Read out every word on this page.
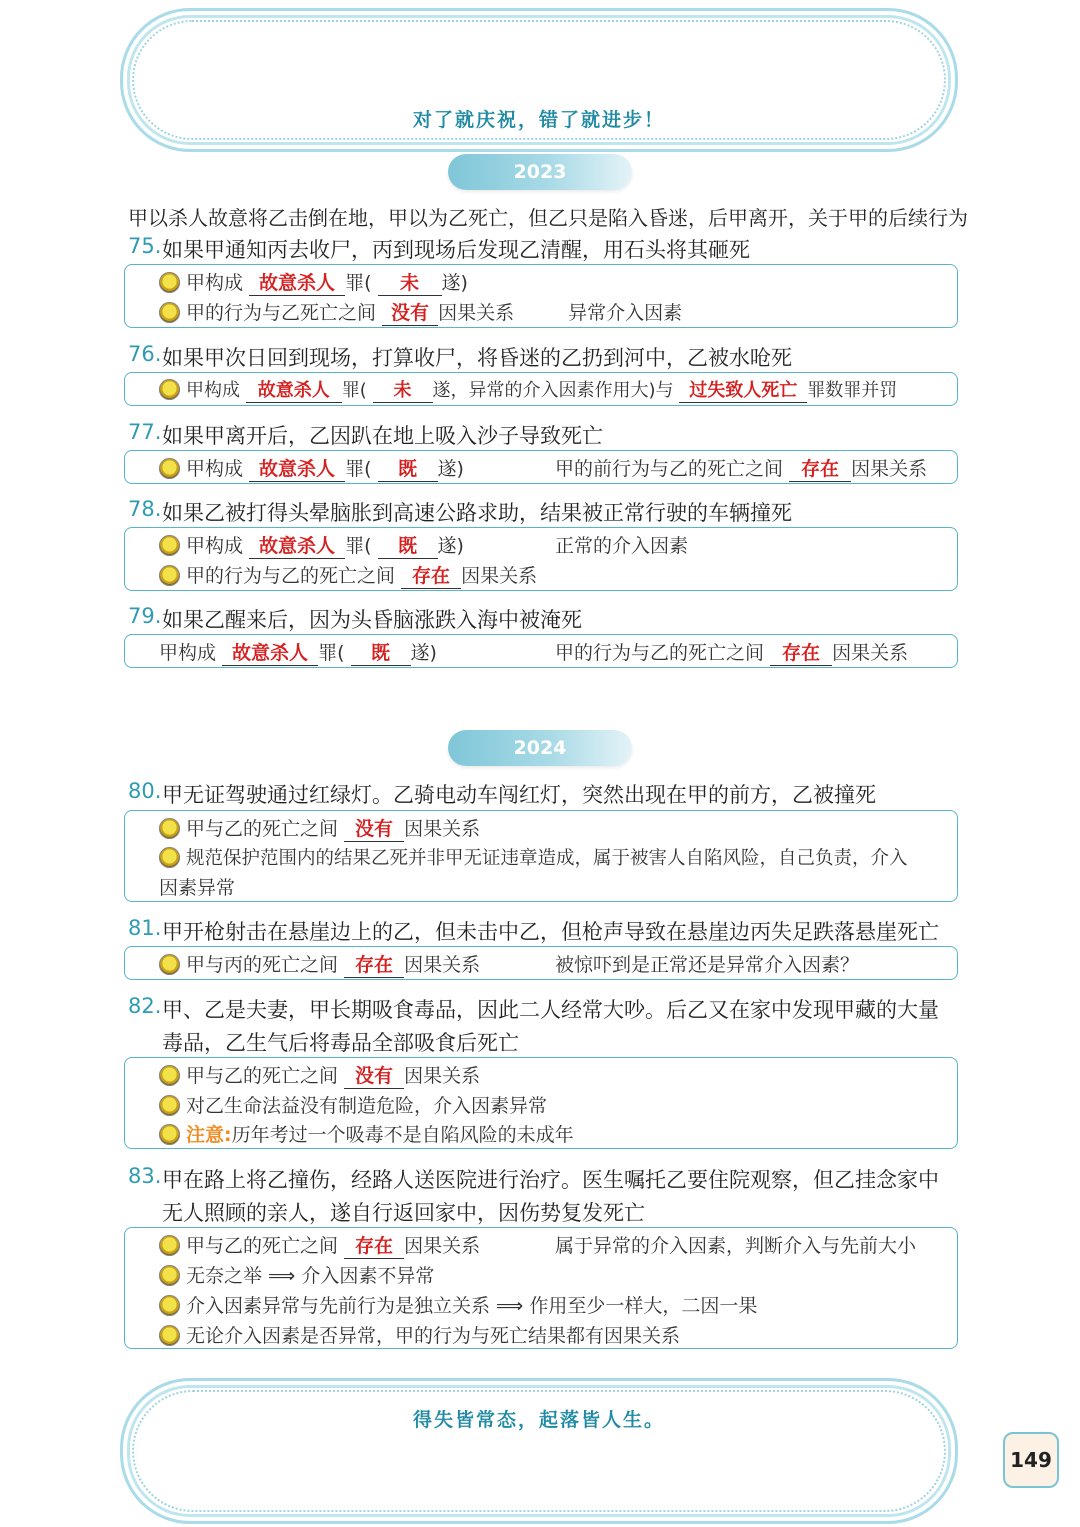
对了就庆祝，错了就进步！
2023
甲以杀人故意将乙击倒在地，甲以为乙死亡，但乙只是陷入昏迷，后甲离开，关于甲的后续行为
75. 如果甲通知丙去收尸，丙到现场后发现乙清醒，用石头将其砸死
甲构成 故意杀人 罪( 未 遂)
甲的行为与乙死亡之间 没有 因果关系	异常介入因素
76. 如果甲次日回到现场，打算收尸，将昏迷的乙扔到河中，乙被水呛死
甲构成 故意杀人 罪( 未 遂，异常的介入因素作用大)与 过失致人死亡 罪数罪并罚
77. 如果甲离开后，乙因趴在地上吸入沙子导致死亡
甲构成 故意杀人 罪( 既 遂)	甲的前行为与乙的死亡之间 存在 因果关系
78. 如果乙被打得头晕脑胀到高速公路求助，结果被正常行驶的车辆撞死
甲构成 故意杀人 罪( 既 遂)	正常的介入因素
甲的行为与乙的死亡之间 存在 因果关系
79. 如果乙醒来后，因为头昏脑涨跌入海中被淹死
甲构成 故意杀人 罪( 既 遂)	甲的行为与乙的死亡之间 存在 因果关系
2024
80. 甲无证驾驶通过红绿灯。乙骑电动车闯红灯，突然出现在甲的前方，乙被撞死
甲与乙的死亡之间 没有 因果关系
规范保护范围内的结果乙死并非甲无证违章造成，属于被害人自陷风险，自己负责，介入
因素异常
81. 甲开枪射击在悬崖边上的乙，但未击中乙，但枪声导致在悬崖边丙失足跌落悬崖死亡
甲与丙的死亡之间 存在 因果关系	被惊吓到是正常还是异常介入因素？
82. 甲、乙是夫妻，甲长期吸食毒品，因此二人经常大吵。后乙又在家中发现甲藏的大量
毒品，乙生气后将毒品全部吸食后死亡
甲与乙的死亡之间 没有 因果关系
对乙生命法益没有制造危险，介入因素异常
注意:历年考过一个吸毒不是自陷风险的未成年
83. 甲在路上将乙撞伤，经路人送医院进行治疗。医生嘱托乙要住院观察，但乙挂念家中
无人照顾的亲人，遂自行返回家中，因伤势复发死亡
甲与乙的死亡之间 存在 因果关系	属于异常的介入因素，判断介入与先前大小
无奈之举 ⟹ 介入因素不异常
介入因素异常与先前行为是独立关系 ⟹ 作用至少一样大，二因一果
无论介入因素是否异常，甲的行为与死亡结果都有因果关系
得失皆常态，起落皆人生。
149
